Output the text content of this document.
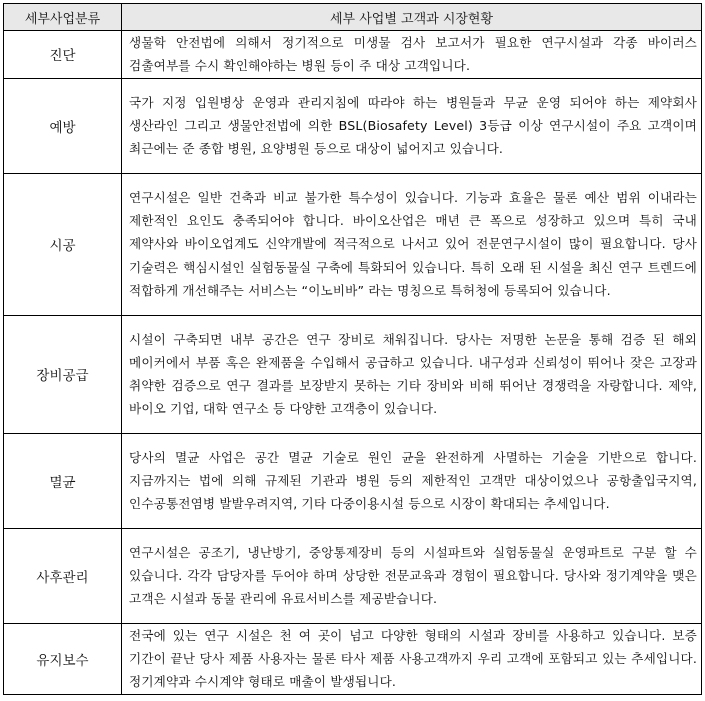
세부사업분류	세부 사업별 고객과 시장현황
진단	생물학 안전법에 의해서 정기적으로 미생물 검사 보고서가 필요한 연구시설과 각종 바이러스 검출여부를 수시 확인해야하는 병원 등이 주 대상 고객입니다.
예방	국가 지정 입원병상 운영과 관리지침에 따라야 하는 병원들과 무균 운영 되어야 하는 제약회사 생산라인 그리고 생물안전법에 의한 BSL(Biosafety Level) 3등급 이상 연구시설이 주요 고객이며 최근에는 준 종합 병원, 요양병원 등으로 대상이 넓어지고 있습니다.
시공	연구시설은 일반 건축과 비교 불가한 특수성이 있습니다. 기능과 효율은 물론 예산 범위 이내라는 제한적인 요인도 충족되어야 합니다. 바이오산업은 매년 큰 폭으로 성장하고 있으며 특히 국내 제약사와 바이오업계도 신약개발에 적극적으로 나서고 있어 전문연구시설이 많이 필요합니다. 당사 기술력은 핵심시설인 실험동물실 구축에 특화되어 있습니다. 특히 오래 된 시설을 최신 연구 트렌드에 적합하게 개선해주는 서비스는 “이노비바” 라는 명칭으로 특허청에 등록되어 있습니다.
장비공급	시설이 구축되면 내부 공간은 연구 장비로 채워집니다. 당사는 저명한 논문을 통해 검증 된 해외 메이커에서 부품 혹은 완제품을 수입해서 공급하고 있습니다. 내구성과 신뢰성이 뛰어나 잦은 고장과 취약한 검증으로 연구 결과를 보장받지 못하는 기타 장비와 비해 뛰어난 경쟁력을 자랑합니다. 제약, 바이오 기업, 대학 연구소 등 다양한 고객층이 있습니다.
멸균	당사의 멸균 사업은 공간 멸균 기술로 원인 균을 완전하게 사멸하는 기술을 기반으로 합니다. 지금까지는 법에 의해 규제된 기관과 병원 등의 제한적인 고객만 대상이었으나 공항출입국지역, 인수공통전염병 발발우려지역, 기타 다중이용시설 등으로 시장이 확대되는 추세입니다.
사후관리	연구시설은 공조기, 냉난방기, 중앙통제장비 등의 시설파트와 실험동물실 운영파트로 구분 할 수 있습니다. 각각 담당자를 두어야 하며 상당한 전문교육과 경험이 필요합니다. 당사와 정기계약을 맺은 고객은 시설과 동물 관리에 유료서비스를 제공받습니다.
유지보수	전국에 있는 연구 시설은 천 여 곳이 넘고 다양한 형태의 시설과 장비를 사용하고 있습니다. 보증 기간이 끝난 당사 제품 사용자는 물론 타사 제품 사용고객까지 우리 고객에 포함되고 있는 추세입니다. 정기계약과 수시계약 형태로 매출이 발생됩니다.
